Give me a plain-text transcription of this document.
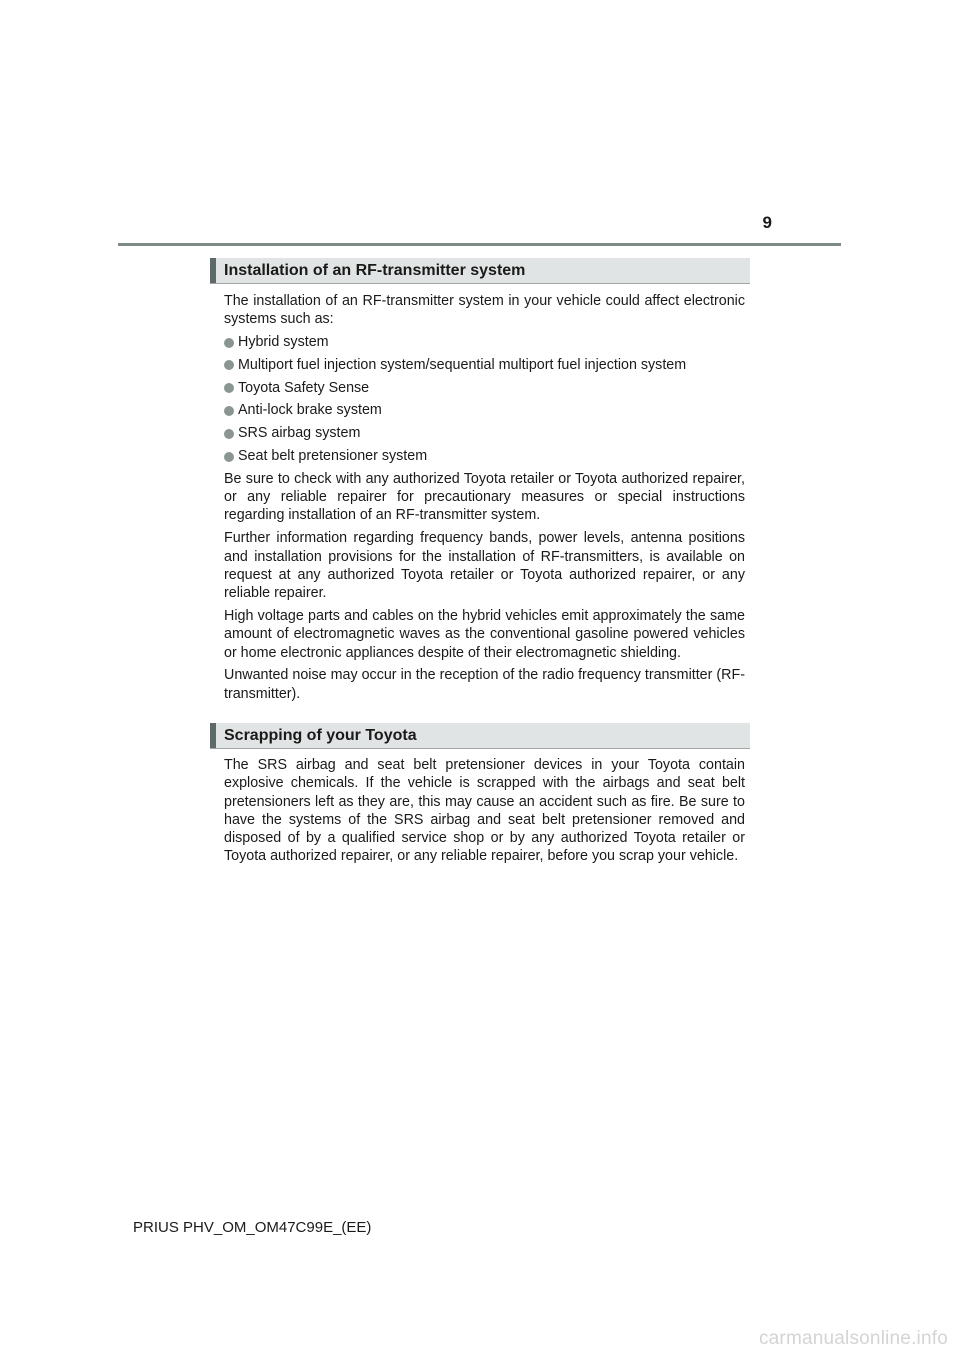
9
Installation of an RF-transmitter system

The installation of an RF-transmitter system in your vehicle could affect electronic systems such as:

Hybrid system
Multiport fuel injection system/sequential multiport fuel injection system
Toyota Safety Sense
Anti-lock brake system
SRS airbag system
Seat belt pretensioner system

Be sure to check with any authorized Toyota retailer or Toyota authorized repairer, or any reliable repairer for precautionary measures or special instructions regarding installation of an RF-transmitter system.

Further information regarding frequency bands, power levels, antenna positions and installation provisions for the installation of RF-transmitters, is available on request at any authorized Toyota retailer or Toyota authorized repairer, or any reliable repairer.

High voltage parts and cables on the hybrid vehicles emit approximately the same amount of electromagnetic waves as the conventional gasoline powered vehicles or home electronic appliances despite of their electromagnetic shielding.

Unwanted noise may occur in the reception of the radio frequency transmitter (RF-transmitter).

Scrapping of your Toyota

The SRS airbag and seat belt pretensioner devices in your Toyota contain explosive chemicals. If the vehicle is scrapped with the airbags and seat belt pretensioners left as they are, this may cause an accident such as fire. Be sure to have the systems of the SRS airbag and seat belt pretensioner removed and disposed of by a qualified service shop or by any authorized Toyota retailer or Toyota authorized repairer, or any reliable repairer, before you scrap your vehicle.

PRIUS PHV_OM_OM47C99E_(EE)
carmanualsonline.info
